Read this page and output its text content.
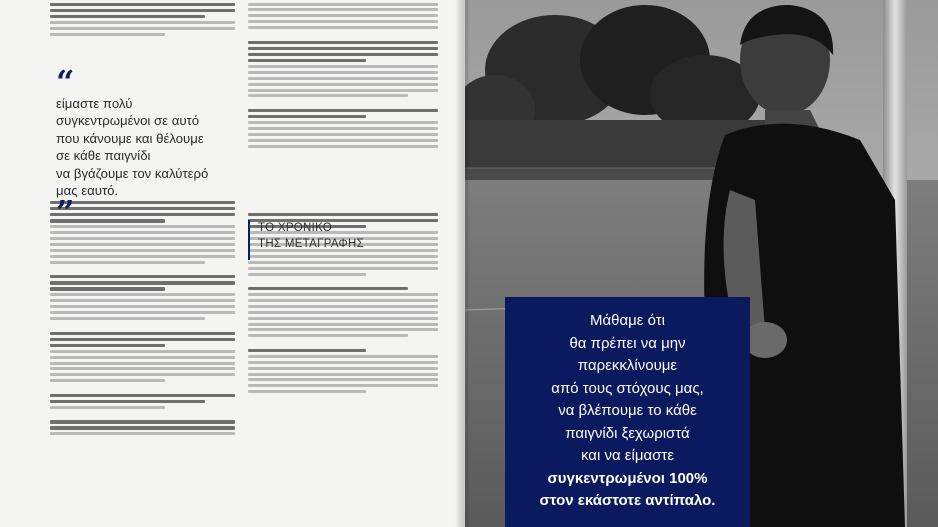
“
είμαστε πολύ
συγκεντρωμένοι σε αυτό
που κάνουμε και θέλουμε
σε κάθε παιγνίδι
να βγάζουμε τον καλύτερό
μας εαυτό.
”	ΤΟ ΧΡΟΝΙΚΟ
ΤΗΣ ΜΕΤΑΓΡΑΦΗΣ
Μάθαμε ότι
θα πρέπει να μην
παρεκκλίνουμε
από τους στόχους μας,
να βλέπουμε το κάθε
παιγνίδι ξεχωριστά
και να είμαστε
συγκεντρωμένοι 100%
στον εκάστοτε αντίπαλο.
